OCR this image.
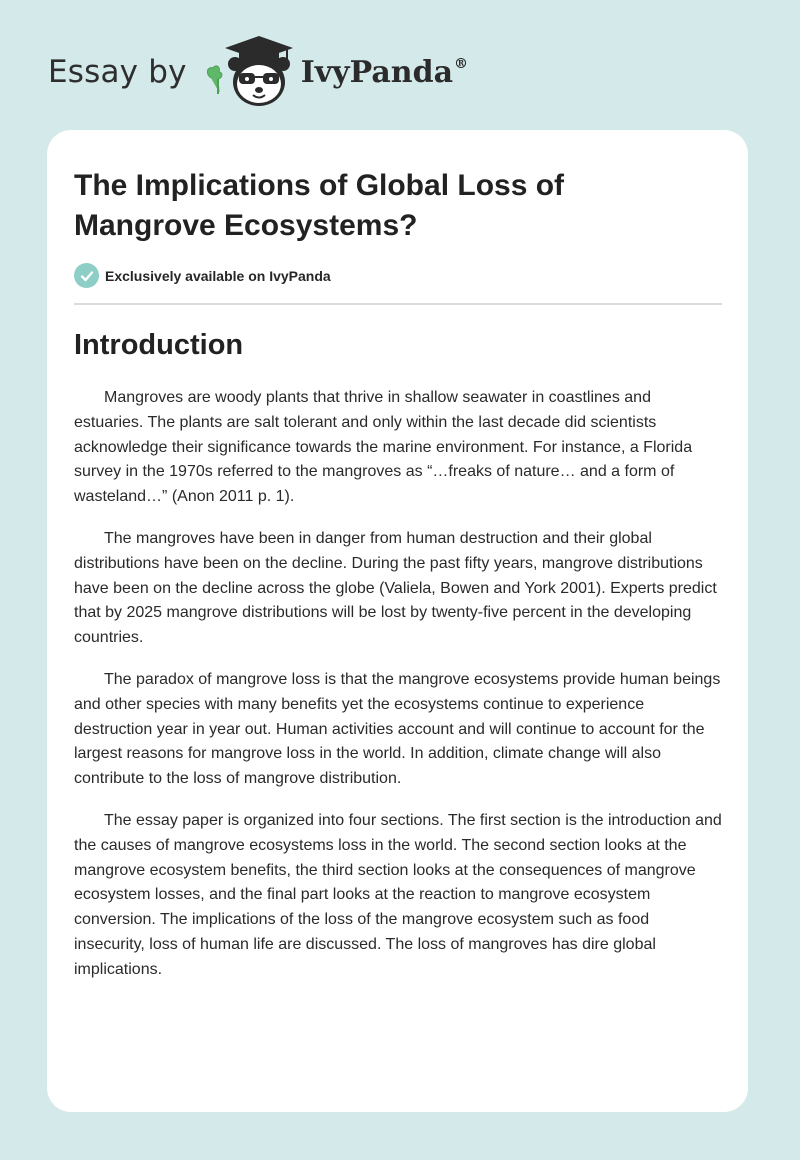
Essay by	IvyPanda®
The Implications of Global Loss of Mangrove Ecosystems?
Exclusively available on IvyPanda
Introduction

Mangroves are woody plants that thrive in shallow seawater in coastlines and estuaries. The plants are salt tolerant and only within the last decade did scientists acknowledge their significance towards the marine environment. For instance, a Florida survey in the 1970s referred to the mangroves as “…freaks of nature… and a form of wasteland…” (Anon 2011 p. 1).

The mangroves have been in danger from human destruction and their global distributions have been on the decline. During the past fifty years, mangrove distributions have been on the decline across the globe (Valiela, Bowen and York 2001). Experts predict that by 2025 mangrove distributions will be lost by twenty-five percent in the developing countries.

The paradox of mangrove loss is that the mangrove ecosystems provide human beings and other species with many benefits yet the ecosystems continue to experience destruction year in year out. Human activities account and will continue to account for the largest reasons for mangrove loss in the world. In addition, climate change will also contribute to the loss of mangrove distribution.

The essay paper is organized into four sections. The first section is the introduction and the causes of mangrove ecosystems loss in the world. The second section looks at the mangrove ecosystem benefits, the third section looks at the consequences of mangrove ecosystem losses, and the final part looks at the reaction to mangrove ecosystem conversion. The implications of the loss of the mangrove ecosystem such as food insecurity, loss of human life are discussed. The loss of mangroves has dire global implications.
